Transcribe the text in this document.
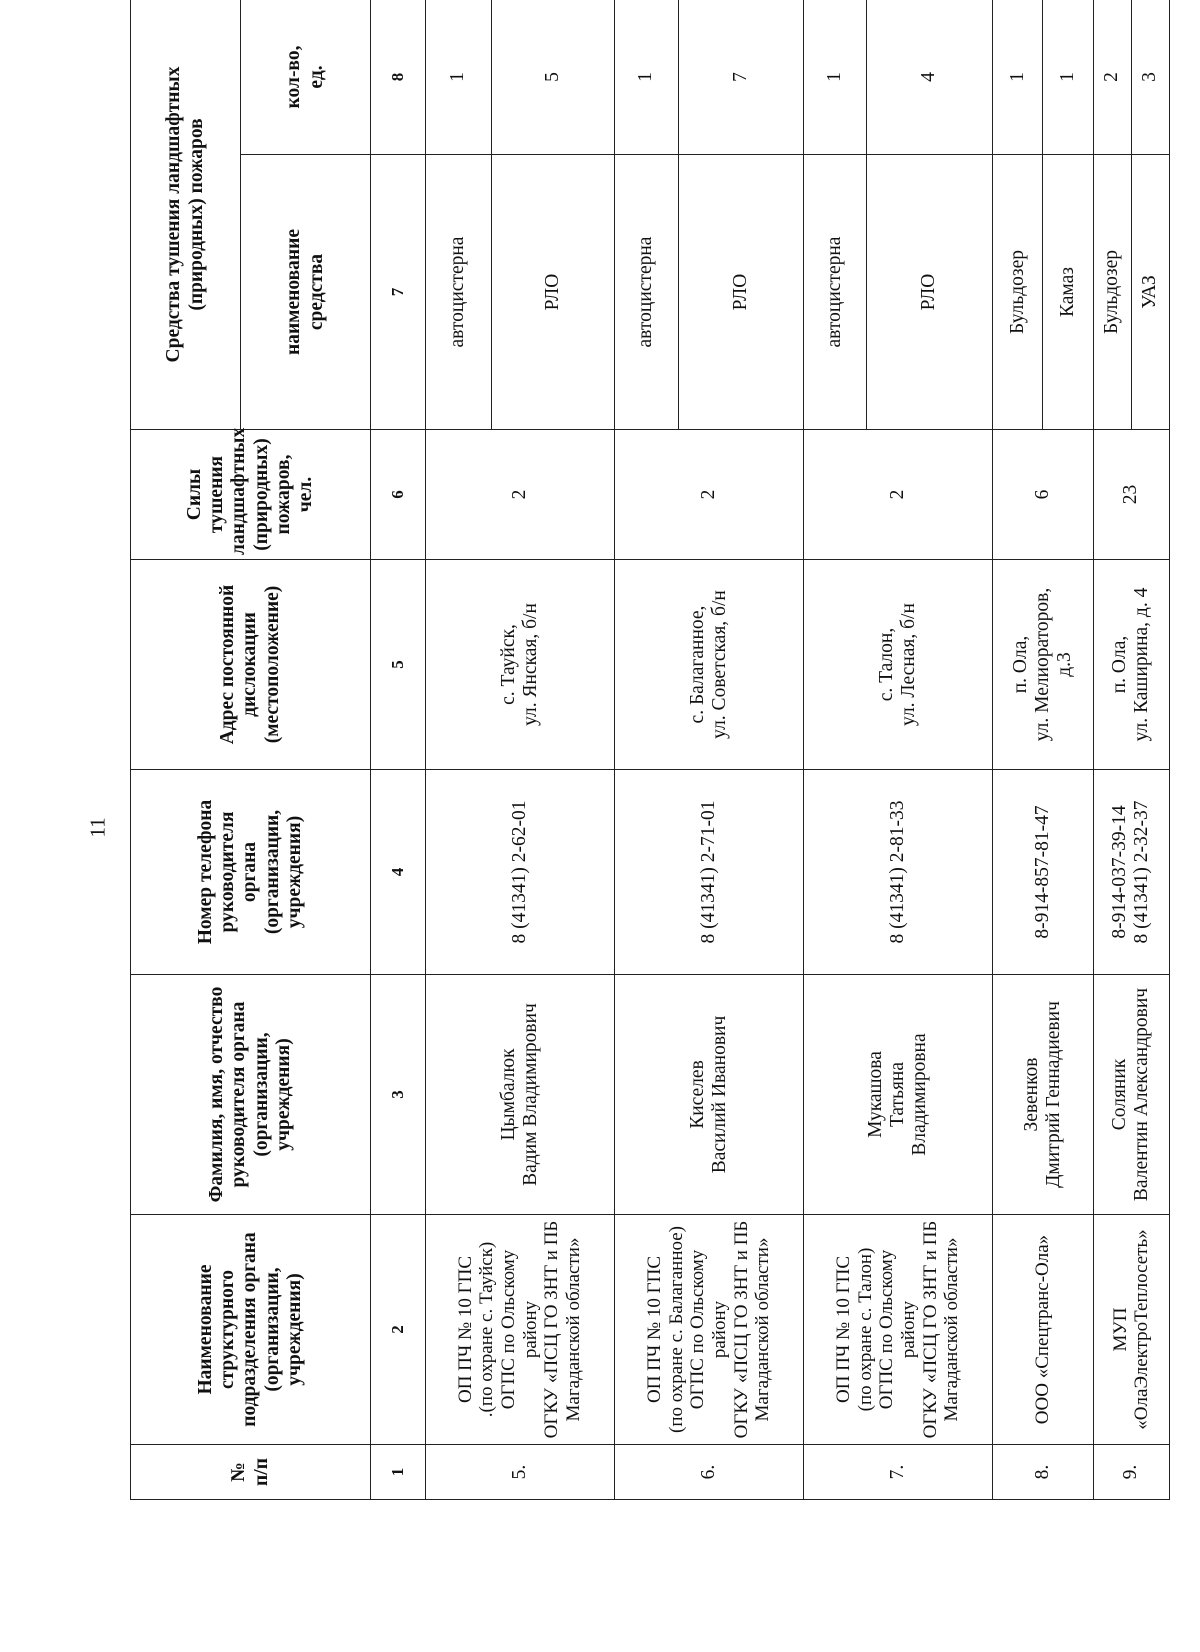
11
№
п/п	Наименование
структурного
подразделения органа
(организации, учреждения)	Фамилия, имя, отчество
руководителя органа
(организации,
учреждения)	Номер телефона
руководителя
органа
(организации,
учреждения)	Адрес постоянной
дислокации
(местоположение)	Силы тушения
ландшафтных
(природных)
пожаров,
чел.	Средства тушения ландшафтных
(природных) пожаров	
						наименование
средства	кол-во,
ед.
1	2	3	4	5	6	7	8
5.	ОП ПЧ № 10 ГПС
.(по охране с. Тауйск)
ОГПС по Ольскому району
ОГКУ «ПСЦ ГО ЗНТ и ПБ
Магаданской области»	Цымбалюк
Вадим Владимирович	8 (41341) 2-62-01	с. Тауйск,
ул. Янская, б/н	2	автоцистерна	1
						РЛО	5
6.	ОП ПЧ № 10 ГПС
(по охране с. Балаганное)
ОГПС по Ольскому району
ОГКУ «ПСЦ ГО ЗНТ и ПБ
Магаданской области»	Киселев
Василий Иванович	8 (41341) 2-71-01	с. Балаганное,
ул. Советская, б/н	2	автоцистерна	1
						РЛО	7
7.	ОП ПЧ № 10 ГПС
(по охране с. Талон)
ОГПС по Ольскому району
ОГКУ «ПСЦ ГО ЗНТ и ПБ
Магаданской области»	Мукашова
Татьяна
Владимировна	8 (41341) 2-81-33	с. Талон,
ул. Лесная, б/н	2	автоцистерна	1
						РЛО	4
8.	ООО «Спецтранс-Ола»	Зевенков
Дмитрий Геннадиевич	8-914-857-81-47	п. Ола,
ул. Мелиораторов,
д.3	6	Бульдозер	1
						Камаз	1
9.	МУП
«ОлаЭлектроТеплосеть»	Соляник
Валентин Александрович	8-914-037-39-14
8 (41341) 2-32-37	п. Ола,
ул. Каширина, д. 4	23	Бульдозер	2
						УАЗ	3
